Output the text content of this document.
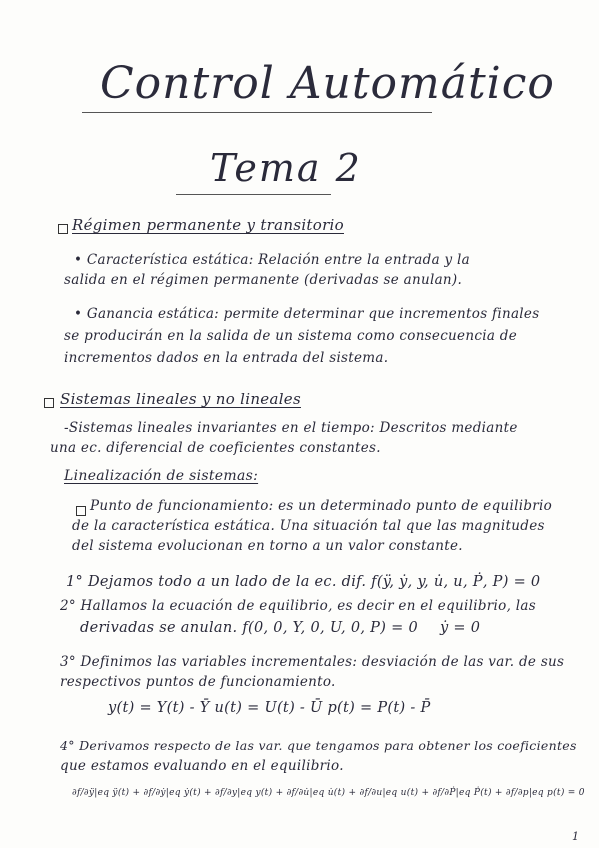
Control Automático
Tema 2
Régimen permanente y transitorio
• Característica estática: Relación entre la entrada y la
salida en el régimen permanente (derivadas se anulan).
• Ganancia estática: permite determinar que incrementos finales
se producirán en la salida de un sistema como consecuencia de
incrementos dados en la entrada del sistema.
Sistemas lineales y no lineales
-Sistemas lineales invariantes en el tiempo: Descritos mediante
una ec. diferencial de coeficientes constantes.
Linealización de sistemas:
Punto de funcionamiento: es un determinado punto de equilibrio
de la característica estática. Una situación tal que las magnitudes
del sistema evolucionan en torno a un valor constante.
1° Dejamos todo a un lado de la ec. dif. f(ÿ, ẏ, y, u̇, u, Ṗ, P) = 0
2° Hallamos la ecuación de equilibrio, es decir en el equilibrio, las
derivadas se anulan. f(0, 0, Y, 0, U, 0, P) = 0 ẏ = 0
3° Definimos las variables incrementales: desviación de las var. de sus
respectivos puntos de funcionamiento.
y(t) = Y(t) - Ȳ u(t) = U(t) - Ū p(t) = P(t) - P̄
4° Derivamos respecto de las var. que tengamos para obtener los coeficientes
que estamos evaluando en el equilibrio.
∂f/∂ÿ|eq ÿ(t) + ∂f/∂ẏ|eq ẏ(t) + ∂f/∂y|eq y(t) + ∂f/∂u̇|eq u̇(t) + ∂f/∂u|eq u(t) + ∂f/∂Ṗ|eq Ṗ(t) + ∂f/∂p|eq p(t) = 0
1
